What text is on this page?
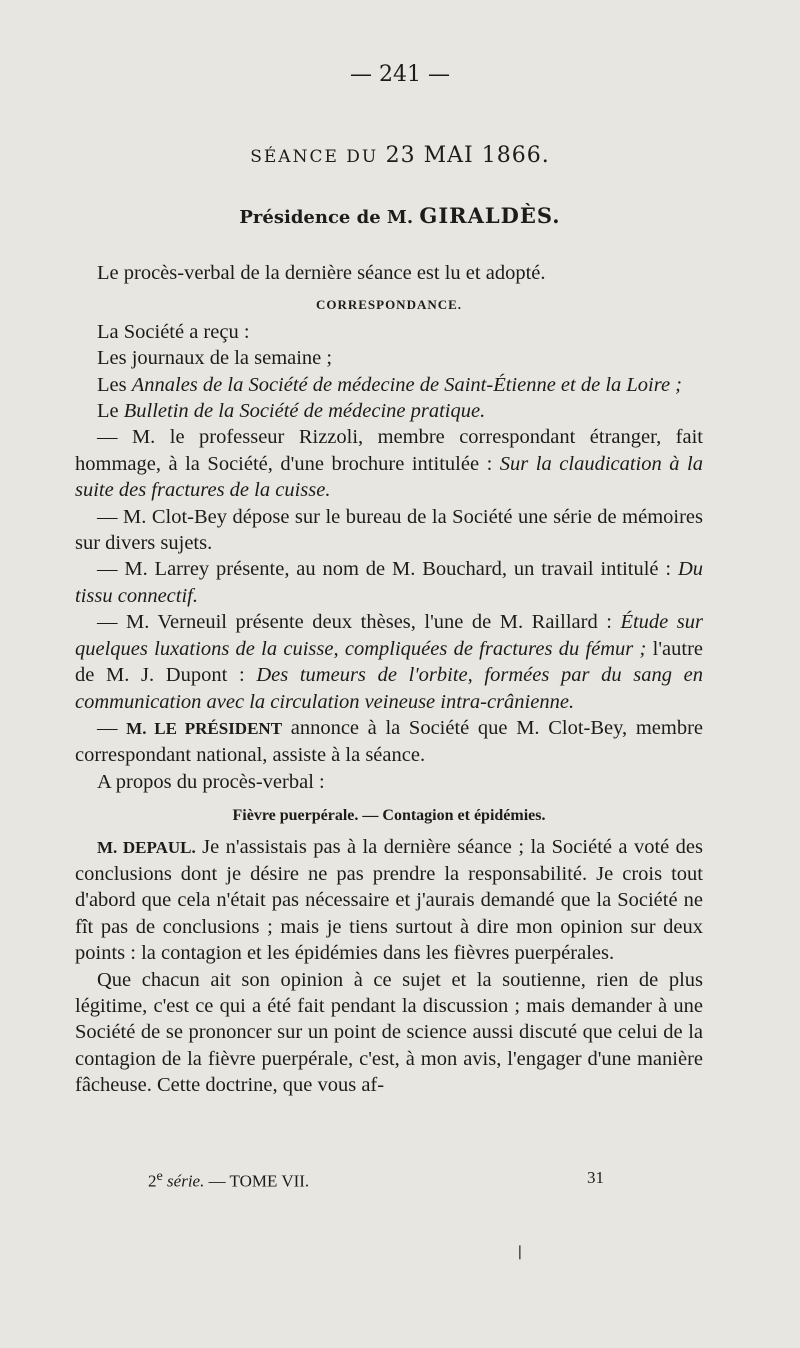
— 241 —
SÉANCE DU 23 MAI 1866.
Présidence de M. GIRALDÈS.

Le procès-verbal de la dernière séance est lu et adopté.

CORRESPONDANCE.

La Société a reçu :

Les journaux de la semaine ;

Les Annales de la Société de médecine de Saint-Étienne et de la Loire ;

Le Bulletin de la Société de médecine pratique.

— M. le professeur Rizzoli, membre correspondant étranger, fait hommage, à la Société, d'une brochure intitulée : Sur la claudication à la suite des fractures de la cuisse.

— M. Clot-Bey dépose sur le bureau de la Société une série de mémoires sur divers sujets.

— M. Larrey présente, au nom de M. Bouchard, un travail intitulé : Du tissu connectif.

— M. Verneuil présente deux thèses, l'une de M. Raillard : Étude sur quelques luxations de la cuisse, compliquées de fractures du fémur ; l'autre de M. J. Dupont : Des tumeurs de l'orbite, formées par du sang en communication avec la circulation veineuse intra-crânienne.

— M. LE PRÉSIDENT annonce à la Société que M. Clot-Bey, membre correspondant national, assiste à la séance.

A propos du procès-verbal :

Fièvre puerpérale. — Contagion et épidémies.

M. DEPAUL. Je n'assistais pas à la dernière séance ; la Société a voté des conclusions dont je désire ne pas prendre la responsabilité. Je crois tout d'abord que cela n'était pas nécessaire et j'aurais demandé que la Société ne fît pas de conclusions ; mais je tiens surtout à dire mon opinion sur deux points : la contagion et les épidémies dans les fièvres puerpérales.

Que chacun ait son opinion à ce sujet et la soutienne, rien de plus légitime, c'est ce qui a été fait pendant la discussion ; mais demander à une Société de se prononcer sur un point de science aussi discuté que celui de la contagion de la fièvre puerpérale, c'est, à mon avis, l'engager d'une manière fâcheuse. Cette doctrine, que vous af-

2e série. — TOME VII.	31
❘
